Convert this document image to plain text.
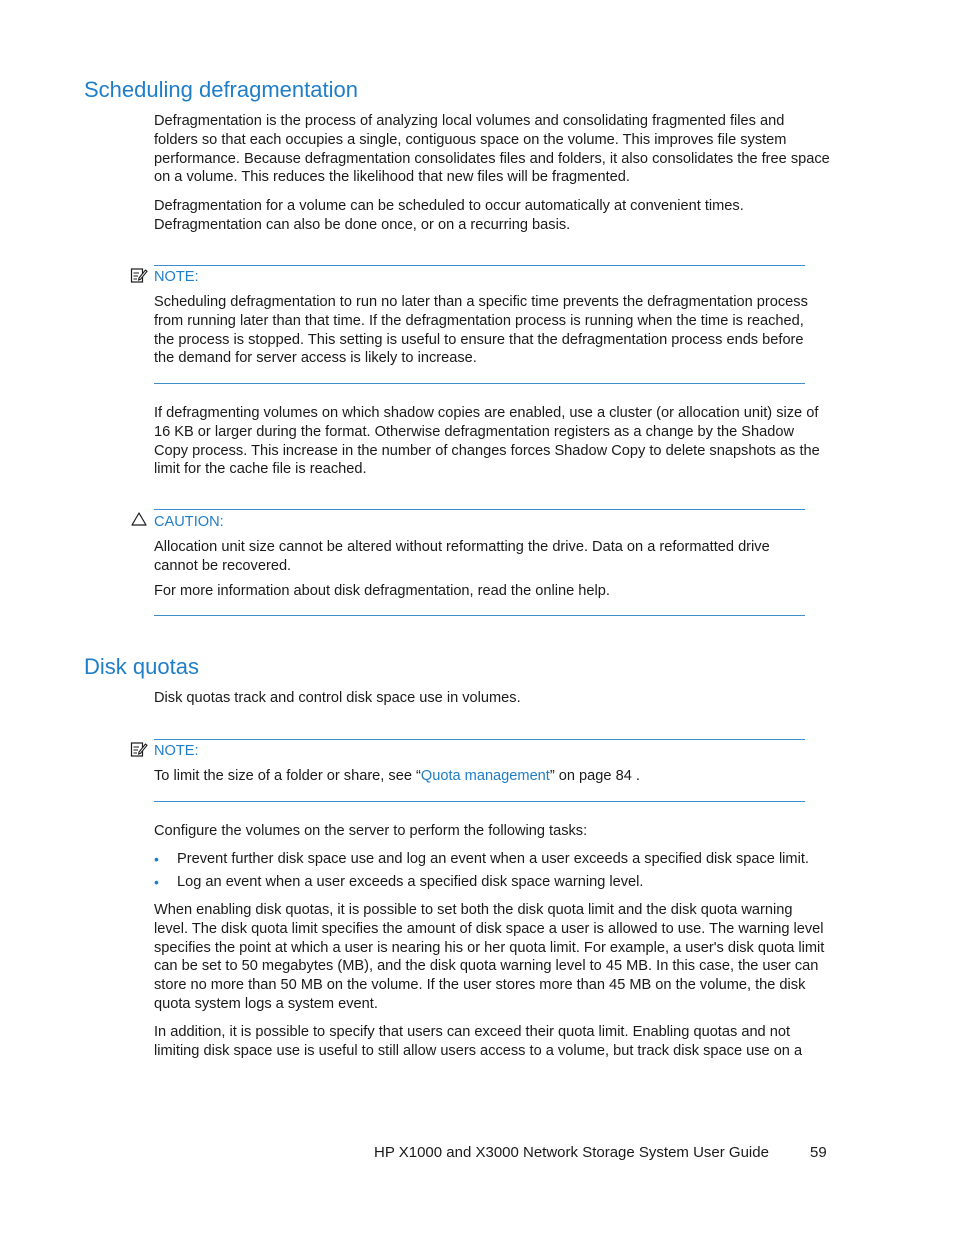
Scheduling defragmentation

Defragmentation is the process of analyzing local volumes and consolidating fragmented files and folders so that each occupies a single, contiguous space on the volume. This improves file system performance. Because defragmentation consolidates files and folders, it also consolidates the free space on a volume. This reduces the likelihood that new files will be fragmented.

Defragmentation for a volume can be scheduled to occur automatically at convenient times. Defragmentation can also be done once, or on a recurring basis.

NOTE:

Scheduling defragmentation to run no later than a specific time prevents the defragmentation process from running later than that time. If the defragmentation process is running when the time is reached, the process is stopped. This setting is useful to ensure that the defragmentation process ends before the demand for server access is likely to increase.

If defragmenting volumes on which shadow copies are enabled, use a cluster (or allocation unit) size of 16 KB or larger during the format. Otherwise defragmentation registers as a change by the Shadow Copy process. This increase in the number of changes forces Shadow Copy to delete snapshots as the limit for the cache file is reached.

CAUTION:

Allocation unit size cannot be altered without reformatting the drive. Data on a reformatted drive cannot be recovered.

For more information about disk defragmentation, read the online help.

Disk quotas

Disk quotas track and control disk space use in volumes.

NOTE:

To limit the size of a folder or share, see “Quota management” on page 84 .

Configure the volumes on the server to perform the following tasks:

• Prevent further disk space use and log an event when a user exceeds a specified disk space limit.

• Log an event when a user exceeds a specified disk space warning level.

When enabling disk quotas, it is possible to set both the disk quota limit and the disk quota warning level. The disk quota limit specifies the amount of disk space a user is allowed to use. The warning level specifies the point at which a user is nearing his or her quota limit. For example, a user's disk quota limit can be set to 50 megabytes (MB), and the disk quota warning level to 45 MB. In this case, the user can store no more than 50 MB on the volume. If the user stores more than 45 MB on the volume, the disk quota system logs a system event.

In addition, it is possible to specify that users can exceed their quota limit. Enabling quotas and not limiting disk space use is useful to still allow users access to a volume, but track disk space use on a

HP X1000 and X3000 Network Storage System User Guide	59
